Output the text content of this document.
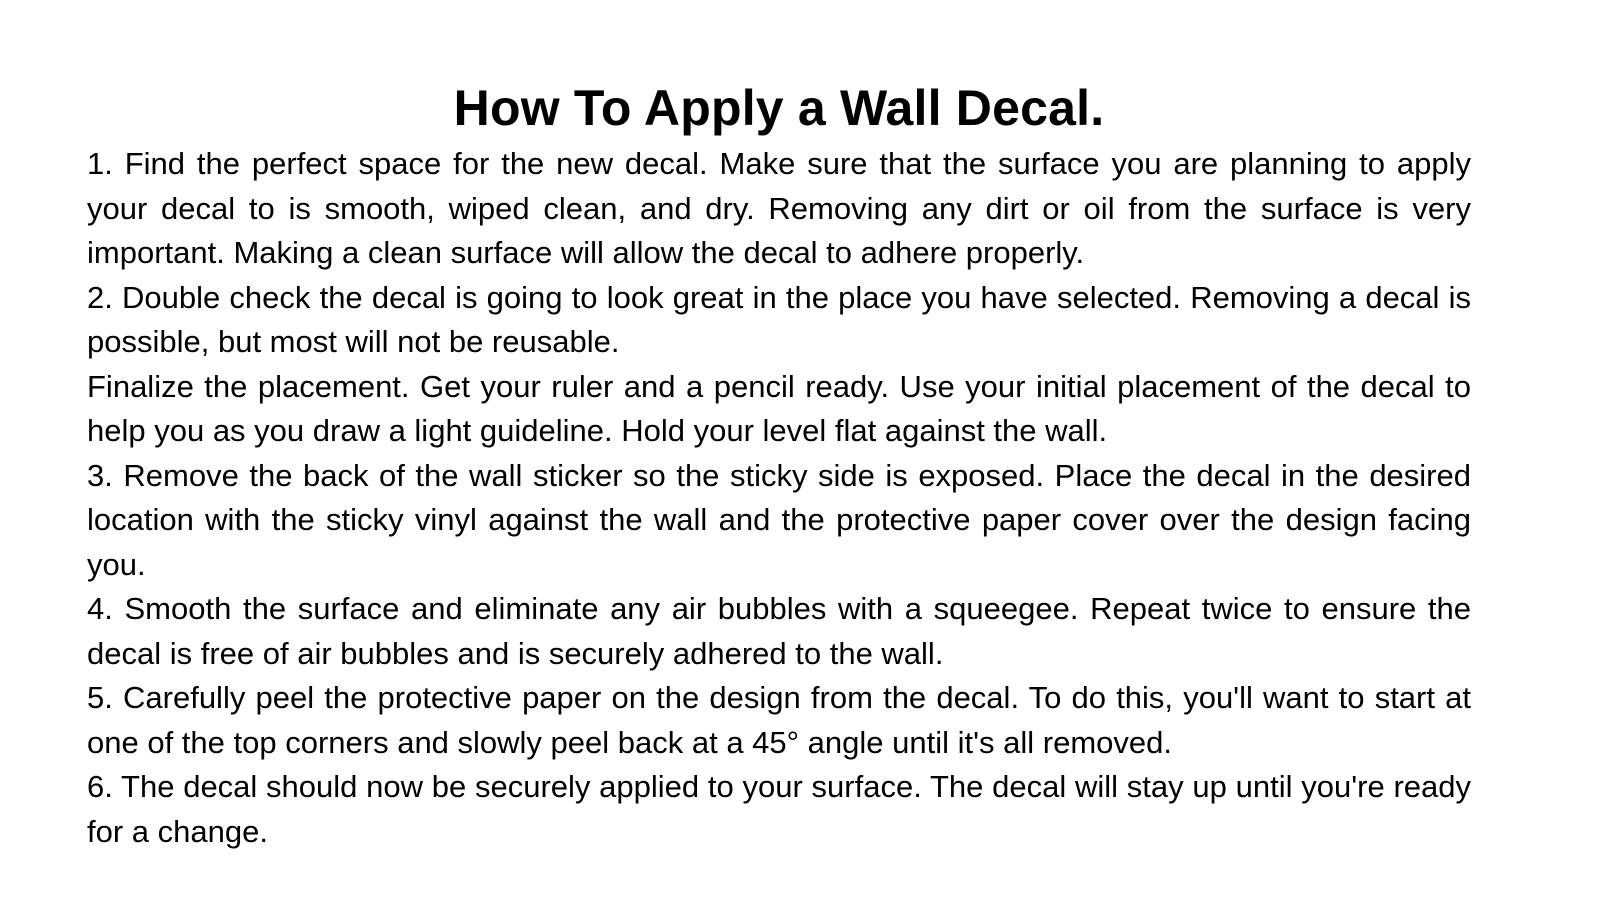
How To Apply a Wall Decal.

1. Find the perfect space for the new decal. Make sure that the surface you are planning to apply your decal to is smooth, wiped clean, and dry. Removing any dirt or oil from the surface is very important. Making a clean surface will allow the decal to adhere properly.

2. Double check the decal is going to look great in the place you have selected. Removing a decal is possible, but most will not be reusable.

Finalize the placement. Get your ruler and a pencil ready. Use your initial placement of the decal to help you as you draw a light guideline. Hold your level flat against the wall.

3. Remove the back of the wall sticker so the sticky side is exposed. Place the decal in the desired location with the sticky vinyl against the wall and the protective paper cover over the design facing you.

4. Smooth the surface and eliminate any air bubbles with a squeegee. Repeat twice to ensure the decal is free of air bubbles and is securely adhered to the wall.

5. Carefully peel the protective paper on the design from the decal. To do this, you'll want to start at one of the top corners and slowly peel back at a 45° angle until it's all removed.

6. The decal should now be securely applied to your surface. The decal will stay up until you're ready for a change.
